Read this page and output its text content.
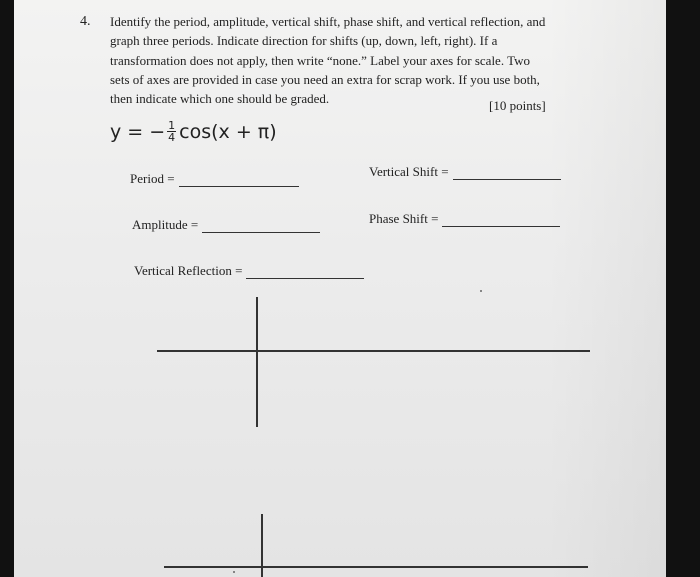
4. Identify the period, amplitude, vertical shift, phase shift, and vertical reflection, and
graph three periods. Indicate direction for shifts (up, down, left, right). If a
transformation does not apply, then write “none.” Label your axes for scale. Two
sets of axes are provided in case you need an extra for scrap work. If you use both,
then indicate which one should be graded.	[10 points]
y = − $\frac{1}{4} \cos(x + \pi)$
Period =	Vertical Shift =
Amplitude =	Phase Shift =
Vertical Reflection =
